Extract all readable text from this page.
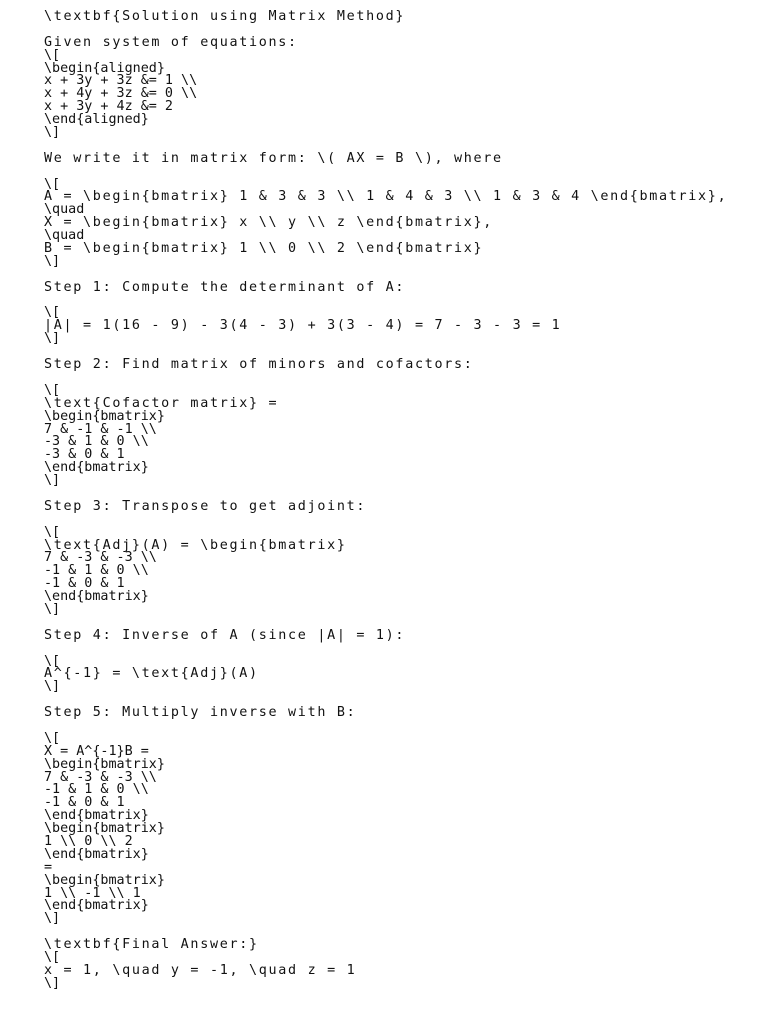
\textbf{Solution using Matrix Method}
Given system of equations:
\[
\begin{aligned}
x + 3y + 3z &= 1 \\
x + 4y + 3z &= 0 \\
x + 3y + 4z &= 2
\end{aligned}
\]
We write it in matrix form: \( AX = B \), where
\[
A = \begin{bmatrix} 1 & 3 & 3 \\ 1 & 4 & 3 \\ 1 & 3 & 4 \end{bmatrix},
\quad
X = \begin{bmatrix} x \\ y \\ z \end{bmatrix},
\quad
B = \begin{bmatrix} 1 \\ 0 \\ 2 \end{bmatrix}
\]
Step 1: Compute the determinant of A:
\[
|A| = 1(16 - 9) - 3(4 - 3) + 3(3 - 4) = 7 - 3 - 3 = 1
\]
Step 2: Find matrix of minors and cofactors:
\[
\text{Cofactor matrix} =
\begin{bmatrix}
7 & -1 & -1 \\
-3 & 1 & 0 \\
-3 & 0 & 1
\end{bmatrix}
\]
Step 3: Transpose to get adjoint:
\[
\text{Adj}(A) = \begin{bmatrix}
7 & -3 & -3 \\
-1 & 1 & 0 \\
-1 & 0 & 1
\end{bmatrix}
\]
Step 4: Inverse of A (since |A| = 1):
\[
A^{-1} = \text{Adj}(A)
\]
Step 5: Multiply inverse with B:
\[
X = A^{-1}B =
\begin{bmatrix}
7 & -3 & -3 \\
-1 & 1 & 0 \\
-1 & 0 & 1
\end{bmatrix}
\begin{bmatrix}
1 \\ 0 \\ 2
\end{bmatrix}
=
\begin{bmatrix}
1 \\ -1 \\ 1
\end{bmatrix}
\]
\textbf{Final Answer:}
\[
x = 1, \quad y = -1, \quad z = 1
\]
